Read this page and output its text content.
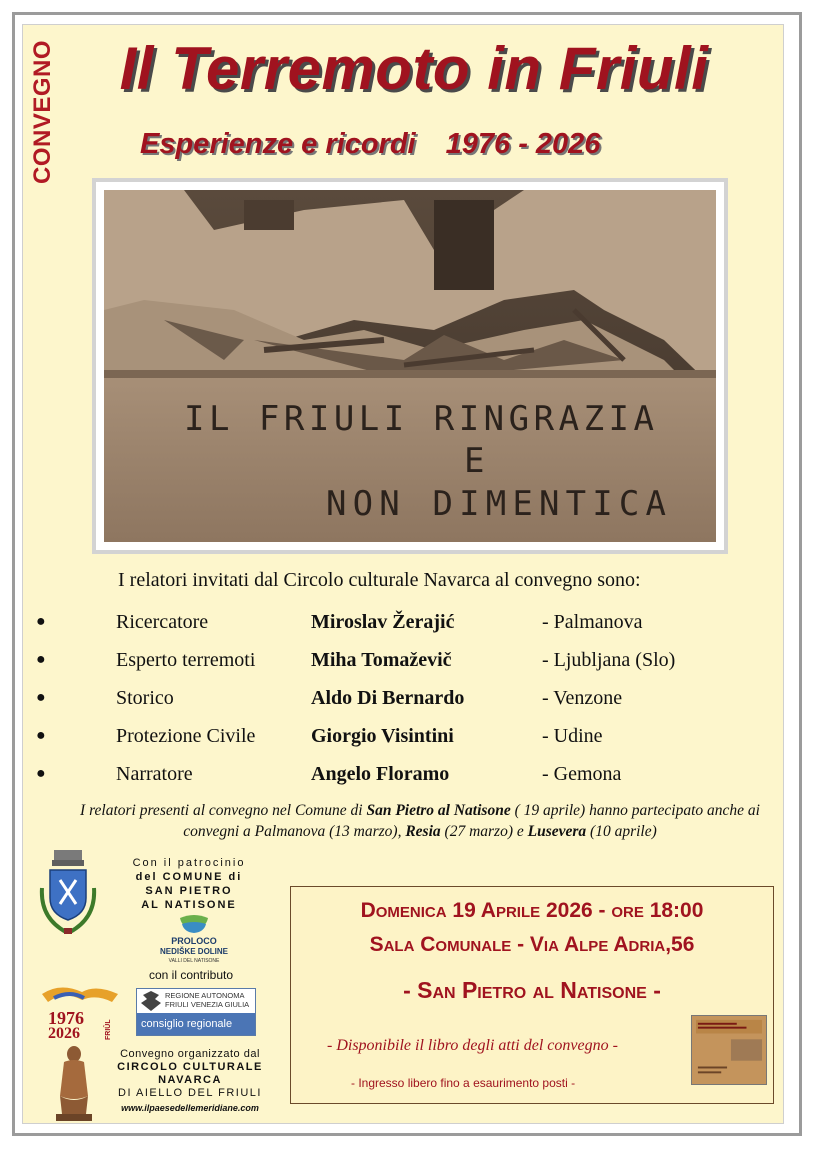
CONVEGNO	Il Terremoto in Friuli
Esperienze e ricordi 1976 - 2026
IL FRIULI RINGRAZIA
E
NON DIMENTICA
I relatori invitati dal Circolo culturale Navarca al convegno sono:
●	Ricercatore	Miroslav Žerajić	- Palmanova
●	Esperto terremoti	Miha Tomaževič	- Ljubljana (Slo)
●	Storico	Aldo Di Bernardo	- Venzone
●	Protezione Civile	Giorgio Visintini	- Udine
●	Narratore	Angelo Floramo	- Gemona
I relatori presenti al convegno nel Comune di San Pietro al Natisone ( 19 aprile) hanno partecipato anche ai convegni a Palmanova (13 marzo), Resia (27 marzo) e Lusevera (10 aprile)
Con il patrocinio
del COMUNE di
SAN PIETRO
AL NATISONE
PROLOCO
NEDIŠKE DOLINE
VALLI DEL NATISONE
con il contributo
1976
2026	FRIÛL
REGIONE AUTONOMA
FRIULI VENEZIA GIULIA
consiglio regionale
Convegno organizzato dal
CIRCOLO CULTURALE
NAVARCA
DI AIELLO DEL FRIULI
www.ilpaesedellemeridiane.com
Domenica 19 Aprile 2026 - ore 18:00
Sala Comunale - Via Alpe Adria,56
- San Pietro al Natisone -
- Disponibile il libro degli atti del convegno -
- Ingresso libero fino a esaurimento posti -
